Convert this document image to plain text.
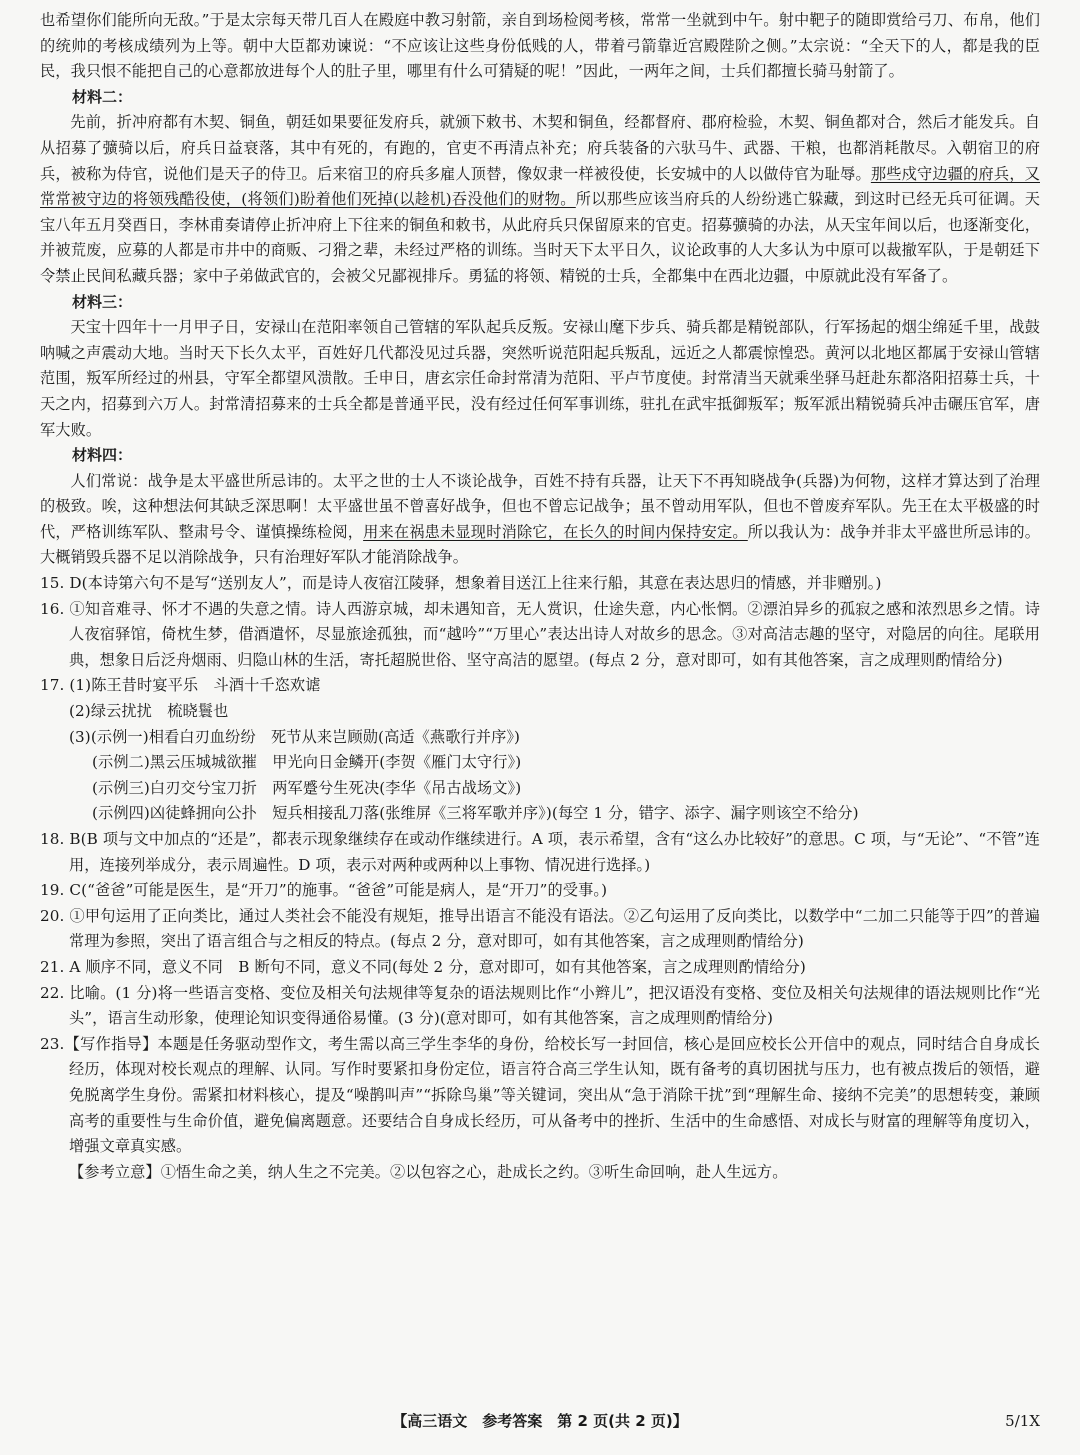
也希望你们能所向无敌。”于是太宗每天带几百人在殿庭中教习射箭，亲自到场检阅考核，常常一坐就到中午。射中靶子的随即赏给弓刀、布帛，他们的统帅的考核成绩列为上等。朝中大臣都劝谏说：“不应该让这些身份低贱的人，带着弓箭靠近宫殿陛阶之侧。”太宗说：“全天下的人，都是我的臣民，我只恨不能把自己的心意都放进每个人的肚子里，哪里有什么可猜疑的呢！”因此，一两年之间，士兵们都擅长骑马射箭了。

材料二：

先前，折冲府都有木契、铜鱼，朝廷如果要征发府兵，就颁下敕书、木契和铜鱼，经都督府、郡府检验，木契、铜鱼都对合，然后才能发兵。自从招募了彍骑以后，府兵日益衰落，其中有死的，有跑的，官吏不再清点补充；府兵装备的六驮马牛、武器、干粮，也都消耗散尽。入朝宿卫的府兵，被称为侍官，说他们是天子的侍卫。后来宿卫的府兵多雇人顶替，像奴隶一样被役使，长安城中的人以做侍官为耻辱。那些戍守边疆的府兵，又常常被守边的将领残酷役使，(将领们)盼着他们死掉(以趁机)吞没他们的财物。所以那些应该当府兵的人纷纷逃亡躲藏，到这时已经无兵可征调。天宝八年五月癸酉日，李林甫奏请停止折冲府上下往来的铜鱼和敕书，从此府兵只保留原来的官吏。招募彍骑的办法，从天宝年间以后，也逐渐变化，并被荒废，应募的人都是市井中的商贩、刁猾之辈，未经过严格的训练。当时天下太平日久，议论政事的人大多认为中原可以裁撤军队，于是朝廷下令禁止民间私藏兵器；家中子弟做武官的，会被父兄鄙视排斥。勇猛的将领、精锐的士兵，全都集中在西北边疆，中原就此没有军备了。

材料三：

天宝十四年十一月甲子日，安禄山在范阳率领自己管辖的军队起兵反叛。安禄山麾下步兵、骑兵都是精锐部队，行军扬起的烟尘绵延千里，战鼓呐喊之声震动大地。当时天下长久太平，百姓好几代都没见过兵器，突然听说范阳起兵叛乱，远近之人都震惊惶恐。黄河以北地区都属于安禄山管辖范围，叛军所经过的州县，守军全都望风溃散。壬申日，唐玄宗任命封常清为范阳、平卢节度使。封常清当天就乘坐驿马赶赴东都洛阳招募士兵，十天之内，招募到六万人。封常清招募来的士兵全都是普通平民，没有经过任何军事训练，驻扎在武牢抵御叛军；叛军派出精锐骑兵冲击碾压官军，唐军大败。

材料四：

人们常说：战争是太平盛世所忌讳的。太平之世的士人不谈论战争，百姓不持有兵器，让天下不再知晓战争(兵器)为何物，这样才算达到了治理的极致。唉，这种想法何其缺乏深思啊！太平盛世虽不曾喜好战争，但也不曾忘记战争；虽不曾动用军队，但也不曾废弃军队。先王在太平极盛的时代，严格训练军队、整肃号令、谨慎操练检阅，用来在祸患未显现时消除它，在长久的时间内保持安定。所以我认为：战争并非太平盛世所忌讳的。大概销毁兵器不足以消除战争，只有治理好军队才能消除战争。

15. D(本诗第六句不是写“送别友人”，而是诗人夜宿江陵驿，想象着目送江上往来行船，其意在表达思归的情感，并非赠别。)

16. ①知音难寻、怀才不遇的失意之情。诗人西游京城，却未遇知音，无人赏识，仕途失意，内心怅惘。②漂泊异乡的孤寂之感和浓烈思乡之情。诗人夜宿驿馆，倚枕生梦，借酒遣怀，尽显旅途孤独，而“越吟”“万里心”表达出诗人对故乡的思念。③对高洁志趣的坚守，对隐居的向往。尾联用典，想象日后泛舟烟雨、归隐山林的生活，寄托超脱世俗、坚守高洁的愿望。(每点 2 分，意对即可，如有其他答案，言之成理则酌情给分)

17. (1)陈王昔时宴平乐　斗酒十千恣欢谑

(2)绿云扰扰　梳晓鬟也

(3)(示例一)相看白刃血纷纷　死节从来岂顾勋(高适《燕歌行并序》)

(示例二)黑云压城城欲摧　甲光向日金鳞开(李贺《雁门太守行》)

(示例三)白刃交兮宝刀折　两军蹙兮生死决(李华《吊古战场文》)

(示例四)凶徒蜂拥向公扑　短兵相接乱刀落(张维屏《三将军歌并序》)(每空 1 分，错字、添字、漏字则该空不给分)

18. B(B 项与文中加点的“还是”，都表示现象继续存在或动作继续进行。A 项，表示希望，含有“这么办比较好”的意思。C 项，与“无论”、“不管”连用，连接列举成分，表示周遍性。D 项，表示对两种或两种以上事物、情况进行选择。)

19. C(“爸爸”可能是医生，是“开刀”的施事。“爸爸”可能是病人，是“开刀”的受事。)

20. ①甲句运用了正向类比，通过人类社会不能没有规矩，推导出语言不能没有语法。②乙句运用了反向类比，以数学中“二加二只能等于四”的普遍常理为参照，突出了语言组合与之相反的特点。(每点 2 分，意对即可，如有其他答案，言之成理则酌情给分)

21. A 顺序不同，意义不同　B 断句不同，意义不同(每处 2 分，意对即可，如有其他答案，言之成理则酌情给分)

22. 比喻。(1 分)将一些语言变格、变位及相关句法规律等复杂的语法规则比作“小辫儿”，把汉语没有变格、变位及相关句法规律的语法规则比作“光头”，语言生动形象，使理论知识变得通俗易懂。(3 分)(意对即可，如有其他答案，言之成理则酌情给分)

23.【写作指导】本题是任务驱动型作文，考生需以高三学生李华的身份，给校长写一封回信，核心是回应校长公开信中的观点，同时结合自身成长经历，体现对校长观点的理解、认同。写作时要紧扣身份定位，语言符合高三学生认知，既有备考的真切困扰与压力，也有被点拨后的领悟，避免脱离学生身份。需紧扣材料核心，提及“噪鹊叫声”“拆除鸟巢”等关键词，突出从“急于消除干扰”到“理解生命、接纳不完美”的思想转变，兼顾高考的重要性与生命价值，避免偏离题意。还要结合自身成长经历，可从备考中的挫折、生活中的生命感悟、对成长与财富的理解等角度切入，增强文章真实感。

【参考立意】①悟生命之美，纳人生之不完美。②以包容之心，赴成长之约。③听生命回响，赴人生远方。

【高三语文　参考答案　第 2 页(共 2 页)】	5/1X
